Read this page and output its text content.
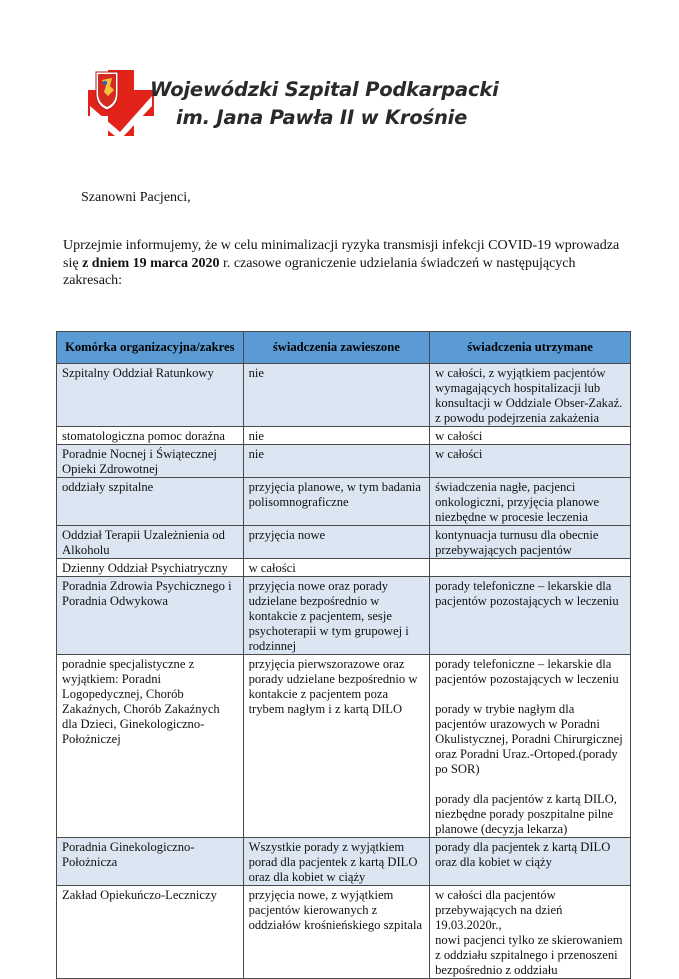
Wojewódzki Szpital Podkarpacki
im. Jana Pawła II w Krośnie
Szanowni Pacjenci,
Uprzejmie informujemy, że w celu minimalizacji ryzyka transmisji infekcji COVID-19 wprowadza się z dniem 19 marca 2020 r. czasowe ograniczenie udzielania świadczeń w następujących zakresach:
Komórka organizacyjna/zakres	świadczenia zawieszone	świadczenia utrzymane
Szpitalny Oddział Ratunkowy	nie	w całości, z wyjątkiem pacjentów wymagających hospitalizacji lub konsultacji w Oddziale Obser-Zakaź. z powodu podejrzenia zakażenia
stomatologiczna pomoc doraźna	nie	w całości
Poradnie Nocnej i Świątecznej Opieki Zdrowotnej	nie	w całości
oddziały szpitalne	przyjęcia planowe, w tym badania polisomnograficzne	świadczenia nagłe, pacjenci onkologiczni, przyjęcia planowe niezbędne w procesie leczenia
Oddział Terapii Uzależnienia od Alkoholu	przyjęcia nowe	kontynuacja turnusu dla obecnie przebywających pacjentów
Dzienny Oddział Psychiatryczny	w całości	
Poradnia Zdrowia Psychicznego i Poradnia Odwykowa	przyjęcia nowe oraz porady udzielane bezpośrednio w kontakcie z pacjentem, sesje psychoterapii w tym grupowej i rodzinnej	porady telefoniczne – lekarskie dla pacjentów pozostających w leczeniu
poradnie specjalistyczne z wyjątkiem: Poradni Logopedycznej, Chorób Zakaźnych, Chorób Zakaźnych dla Dzieci, Ginekologiczno-Położniczej	przyjęcia pierwszorazowe oraz porady udzielane bezpośrednio w kontakcie z pacjentem poza trybem nagłym i z kartą DILO	porady telefoniczne – lekarskie dla pacjentów pozostających w leczeniu
porady w trybie nagłym dla pacjentów urazowych w Poradni Okulistycznej, Poradni Chirurgicznej oraz Poradni Uraz.-Ortoped.(porady po SOR)
porady dla pacjentów z kartą DILO, niezbędne porady poszpitalne pilne planowe (decyzja lekarza)
Poradnia Ginekologiczno-Położnicza	Wszystkie porady z wyjątkiem porad dla pacjentek z kartą DILO oraz dla kobiet w ciąży	porady dla pacjentek z kartą DILO oraz dla kobiet w ciąży
Zakład Opiekuńczo-Leczniczy	przyjęcia nowe, z wyjątkiem pacjentów kierowanych z oddziałów krośnieńskiego szpitala	w całości dla pacjentów przebywających na dzień 19.03.2020r.,
nowi pacjenci tylko ze skierowaniem z oddziału szpitalnego i przenoszeni bezpośrednio z oddziału
